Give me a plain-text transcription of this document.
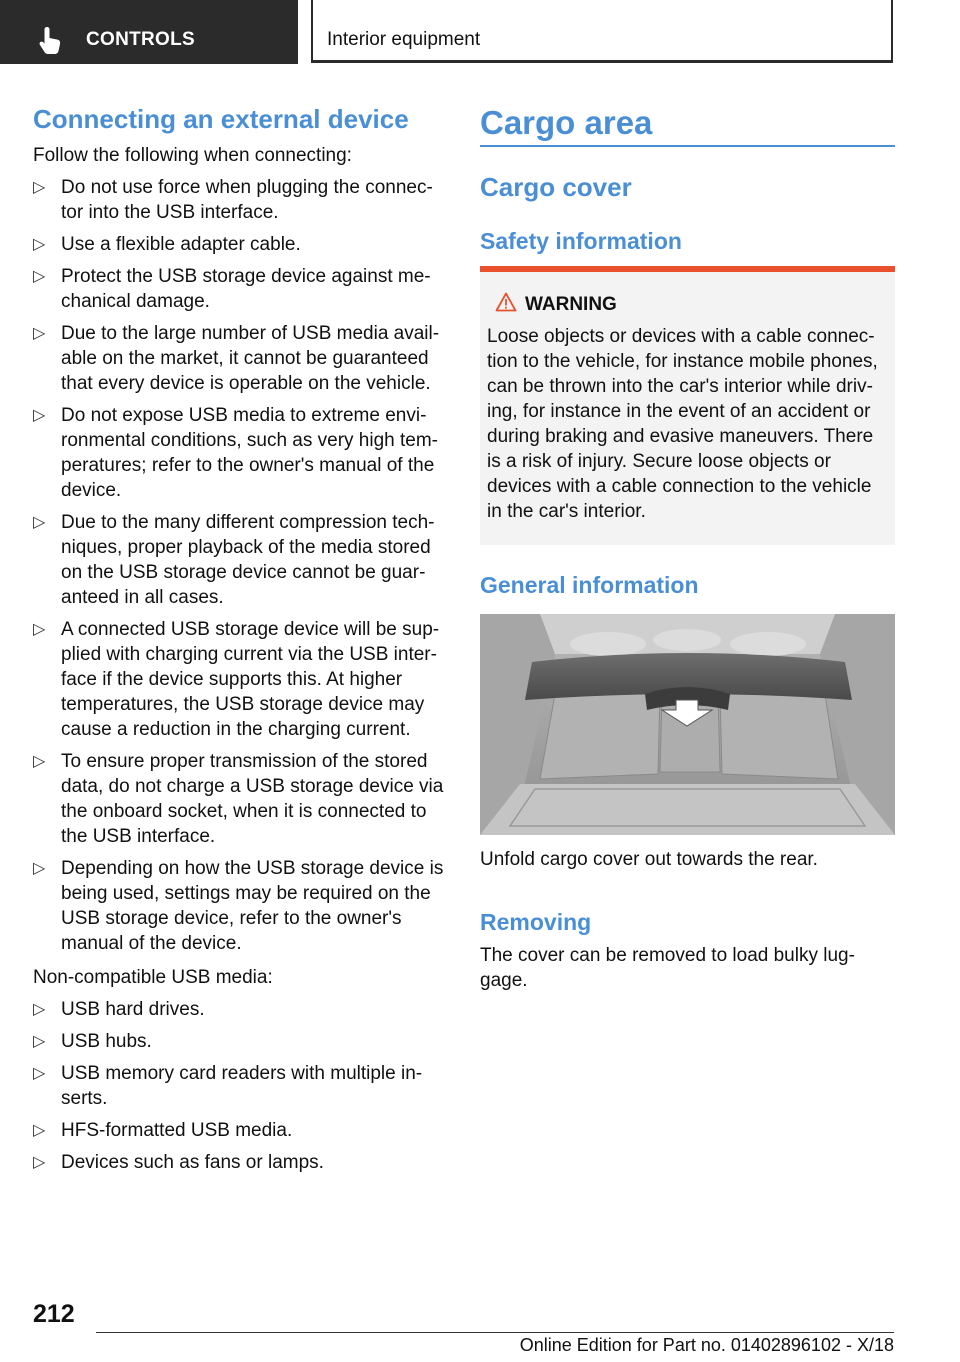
CONTROLS	Interior equipment
Connecting an external device

Follow the following when connecting:

▷ Do not use force when plugging the connec-tor into the USB interface.
▷ Use a flexible adapter cable.
▷ Protect the USB storage device against me-chanical damage.
▷ Due to the large number of USB media avail-able on the market, it cannot be guaranteed that every device is operable on the vehicle.
▷ Do not expose USB media to extreme envi-ronmental conditions, such as very high tem-peratures; refer to the owner's manual of the device.
▷ Due to the many different compression tech-niques, proper playback of the media stored on the USB storage device cannot be guar-anteed in all cases.
▷ A connected USB storage device will be sup-plied with charging current via the USB inter-face if the device supports this. At higher temperatures, the USB storage device may cause a reduction in the charging current.
▷ To ensure proper transmission of the stored data, do not charge a USB storage device via the onboard socket, when it is connected to the USB interface.
▷ Depending on how the USB storage device is being used, settings may be required on the USB storage device, refer to the owner's manual of the device.

Non-compatible USB media:

▷ USB hard drives.
▷ USB hubs.
▷ USB memory card readers with multiple in-serts.
▷ HFS-formatted USB media.
▷ Devices such as fans or lamps.
Cargo area
Cargo cover
Safety information
WARNING

Loose objects or devices with a cable connec-tion to the vehicle, for instance mobile phones, can be thrown into the car's interior while driv-ing, for instance in the event of an accident or during braking and evasive maneuvers. There is a risk of injury. Secure loose objects or devices with a cable connection to the vehicle in the car's interior.

General information

Unfold cargo cover out towards the rear.

Removing

The cover can be removed to load bulky lug-gage.

212
Online Edition for Part no. 01402896102 - X/18
